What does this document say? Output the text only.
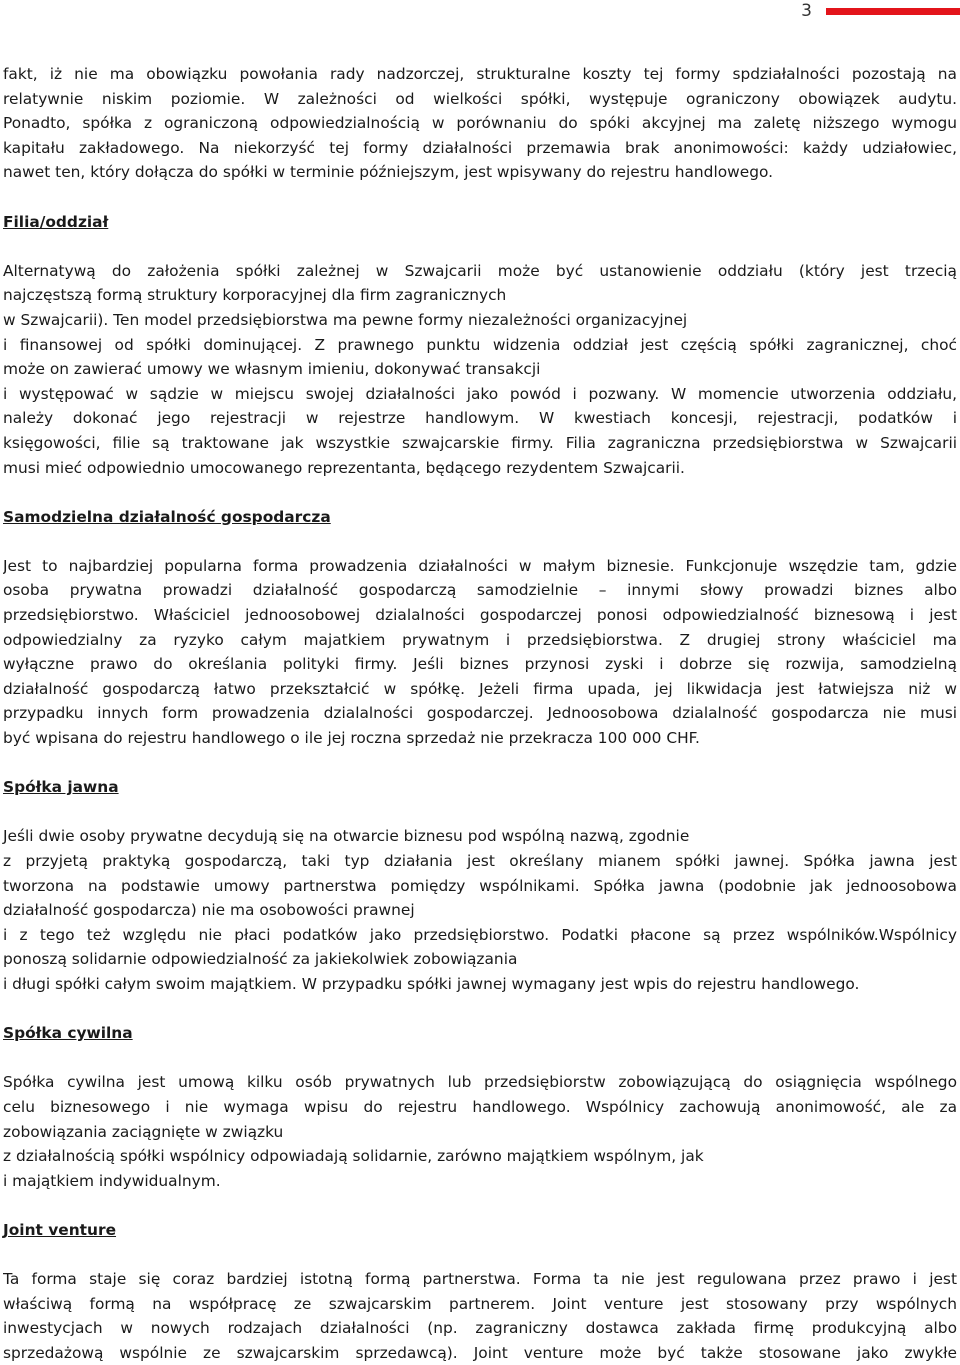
3
fakt, iż nie ma obowiązku powołania rady nadzorczej, strukturalne koszty tej formy spdziałalności pozostają na
relatywnie niskim poziomie. W zależności od wielkości spółki, występuje ograniczony obowiązek audytu.
Ponadto, spółka z ograniczoną odpowiedzialnością w porównaniu do spóki akcyjnej ma zaletę niższego wymogu
kapitału zakładowego. Na niekorzyść tej formy działalności przemawia brak anonimowości: każdy udziałowiec,
nawet ten, który dołącza do spółki w terminie późniejszym, jest wpisywany do rejestru handlowego.
Filia/oddział
Alternatywą do założenia spółki zależnej w Szwajcarii może być ustanowienie oddziału (który jest trzecią
najczęstszą formą struktury korporacyjnej dla firm zagranicznych
w Szwajcarii). Ten model przedsiębiorstwa ma pewne formy niezależności organizacyjnej
i finansowej od spółki dominującej. Z prawnego punktu widzenia oddział jest częścią spółki zagranicznej, choć
może on zawierać umowy we własnym imieniu, dokonywać transakcji
i występować w sądzie w miejscu swojej działalności jako powód i pozwany. W momencie utworzenia oddziału,
należy dokonać jego rejestracji w rejestrze handlowym. W kwestiach koncesji, rejestracji, podatków i
księgowości, filie są traktowane jak wszystkie szwajcarskie firmy. Filia zagraniczna przedsiębiorstwa w Szwajcarii
musi mieć odpowiednio umocowanego reprezentanta, będącego rezydentem Szwajcarii.
Samodzielna działalność gospodarcza
Jest to najbardziej popularna forma prowadzenia działalności w małym biznesie. Funkcjonuje wszędzie tam, gdzie
osoba prywatna prowadzi działalność gospodarczą samodzielnie – innymi słowy prowadzi biznes albo
przedsiębiorstwo. Właściciel jednoosobowej dzialalności gospodarczej ponosi odpowiedzialność biznesową i jest
odpowiedzialny za ryzyko całym majatkiem prywatnym i przedsiębiorstwa. Z drugiej strony właściciel ma
wyłączne prawo do określania polityki firmy. Jeśli biznes przynosi zyski i dobrze się rozwija, samodzielną
działalność gospodarczą łatwo przekształcić w spółkę. Jeżeli firma upada, jej likwidacja jest łatwiejsza niż w
przypadku innych form prowadzenia dzialalności gospodarczej. Jednoosobowa dzialalność gospodarcza nie musi
być wpisana do rejestru handlowego o ile jej roczna sprzedaż nie przekracza 100 000 CHF.
Spółka jawna
Jeśli dwie osoby prywatne decydują się na otwarcie biznesu pod wspólną nazwą, zgodnie
z przyjetą praktyką gospodarczą, taki typ działania jest określany mianem spółki jawnej. Spółka jawna jest
tworzona na podstawie umowy partnerstwa pomiędzy wspólnikami. Spółka jawna (podobnie jak jednoosobowa
działalność gospodarcza) nie ma osobowości prawnej
i z tego też względu nie płaci podatków jako przedsiębiorstwo. Podatki płacone są przez wspólników.Wspólnicy
ponoszą solidarnie odpowiedzialność za jakiekolwiek zobowiązania
i długi spółki całym swoim majątkiem. W przypadku spółki jawnej wymagany jest wpis do rejestru handlowego.
Spółka cywilna
Spółka cywilna jest umową kilku osób prywatnych lub przedsiębiorstw zobowiązującą do osiągnięcia wspólnego
celu biznesowego i nie wymaga wpisu do rejestru handlowego. Wspólnicy zachowują anonimowość, ale za
zobowiązania zaciągnięte w związku
z działalnością spółki wspólnicy odpowiadają solidarnie, zarówno majątkiem wspólnym, jak
i majątkiem indywidualnym.
Joint venture
Ta forma staje się coraz bardziej istotną formą partnerstwa. Forma ta nie jest regulowana przez prawo i jest
właściwą formą na współpracę ze szwajcarskim partnerem. Joint venture jest stosowany przy wspólnych
inwestycjach w nowych rodzajach działalności (np. zagraniczny dostawca zakłada firmę produkcyjną albo
sprzedażową wspólnie ze szwajcarskim sprzedawcą). Joint venture może być także stosowane jako zwykłe
